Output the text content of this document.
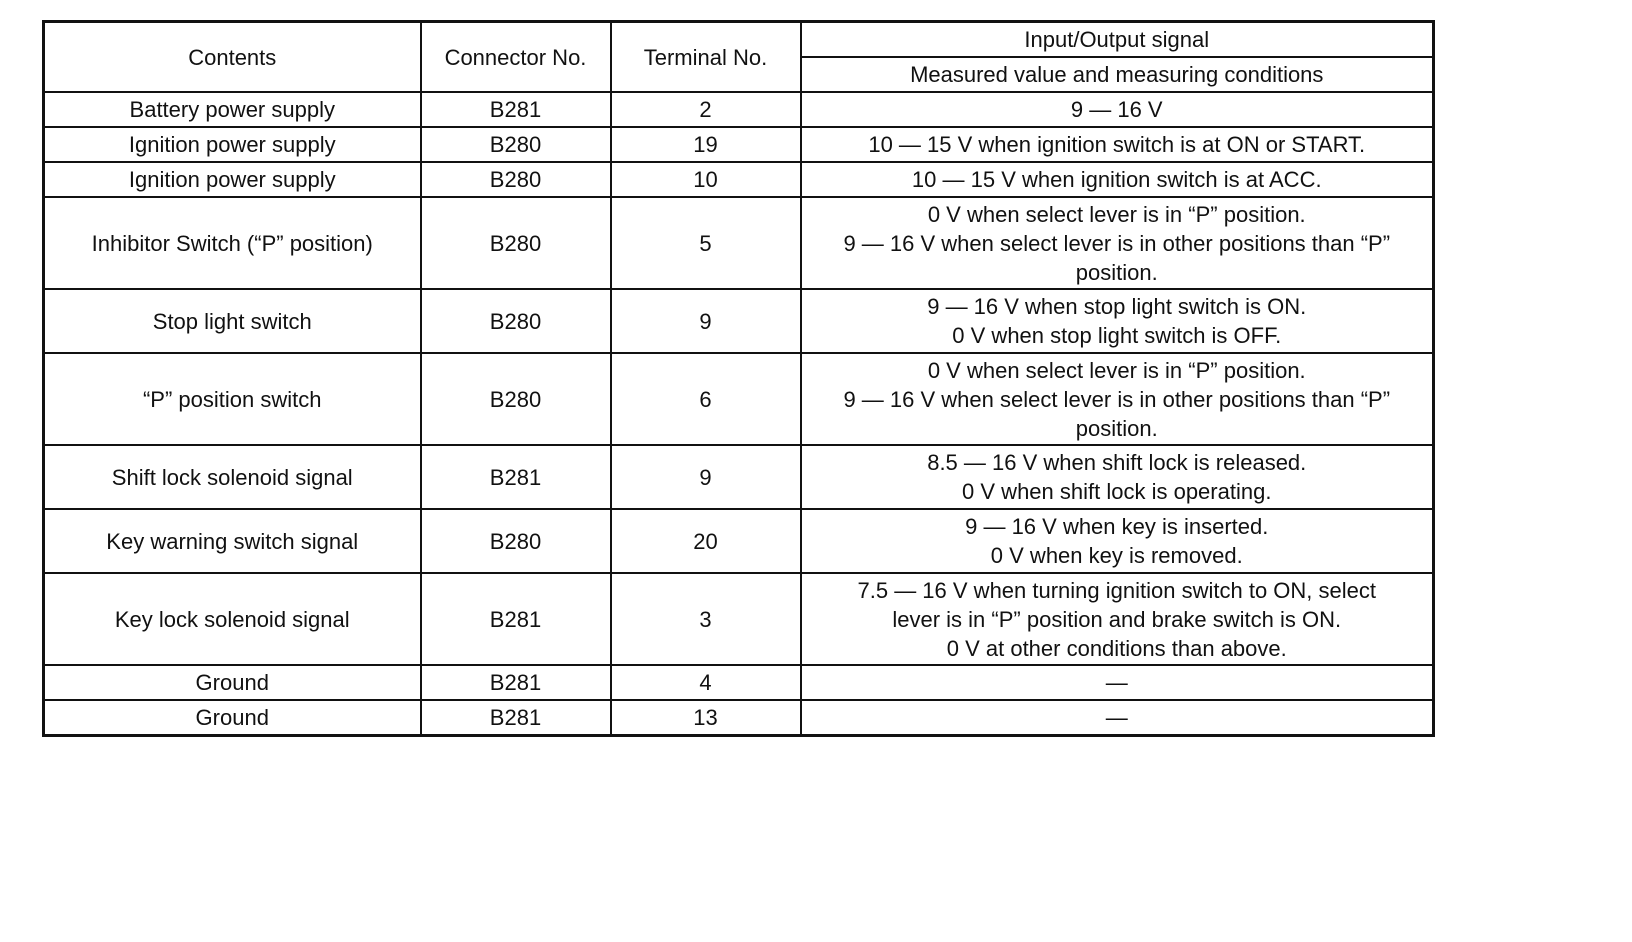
Contents	Connector No.	Terminal No.	Input/Output signal
			Measured value and measuring conditions
Battery power supply	B281	2	9 — 16 V

Ignition power supply	B280	19	10 — 15 V when ignition switch is at ON or START.

Ignition power supply	B280	10	10 — 15 V when ignition switch is at ACC.

Inhibitor Switch (“P” position)	B280	5	0 V when select lever is in “P” position.
9 — 16 V when select lever is in other positions than “P”
position.

Stop light switch	B280	9	9 — 16 V when stop light switch is ON.
0 V when stop light switch is OFF.

“P” position switch	B280	6	0 V when select lever is in “P” position.
9 — 16 V when select lever is in other positions than “P”
position.

Shift lock solenoid signal	B281	9	8.5 — 16 V when shift lock is released.
0 V when shift lock is operating.

Key warning switch signal	B280	20	9 — 16 V when key is inserted.
0 V when key is removed.

Key lock solenoid signal	B281	3	7.5 — 16 V when turning ignition switch to ON, select
lever is in “P” position and brake switch is ON.
0 V at other conditions than above.

Ground	B281	4	—

Ground	B281	13	—
